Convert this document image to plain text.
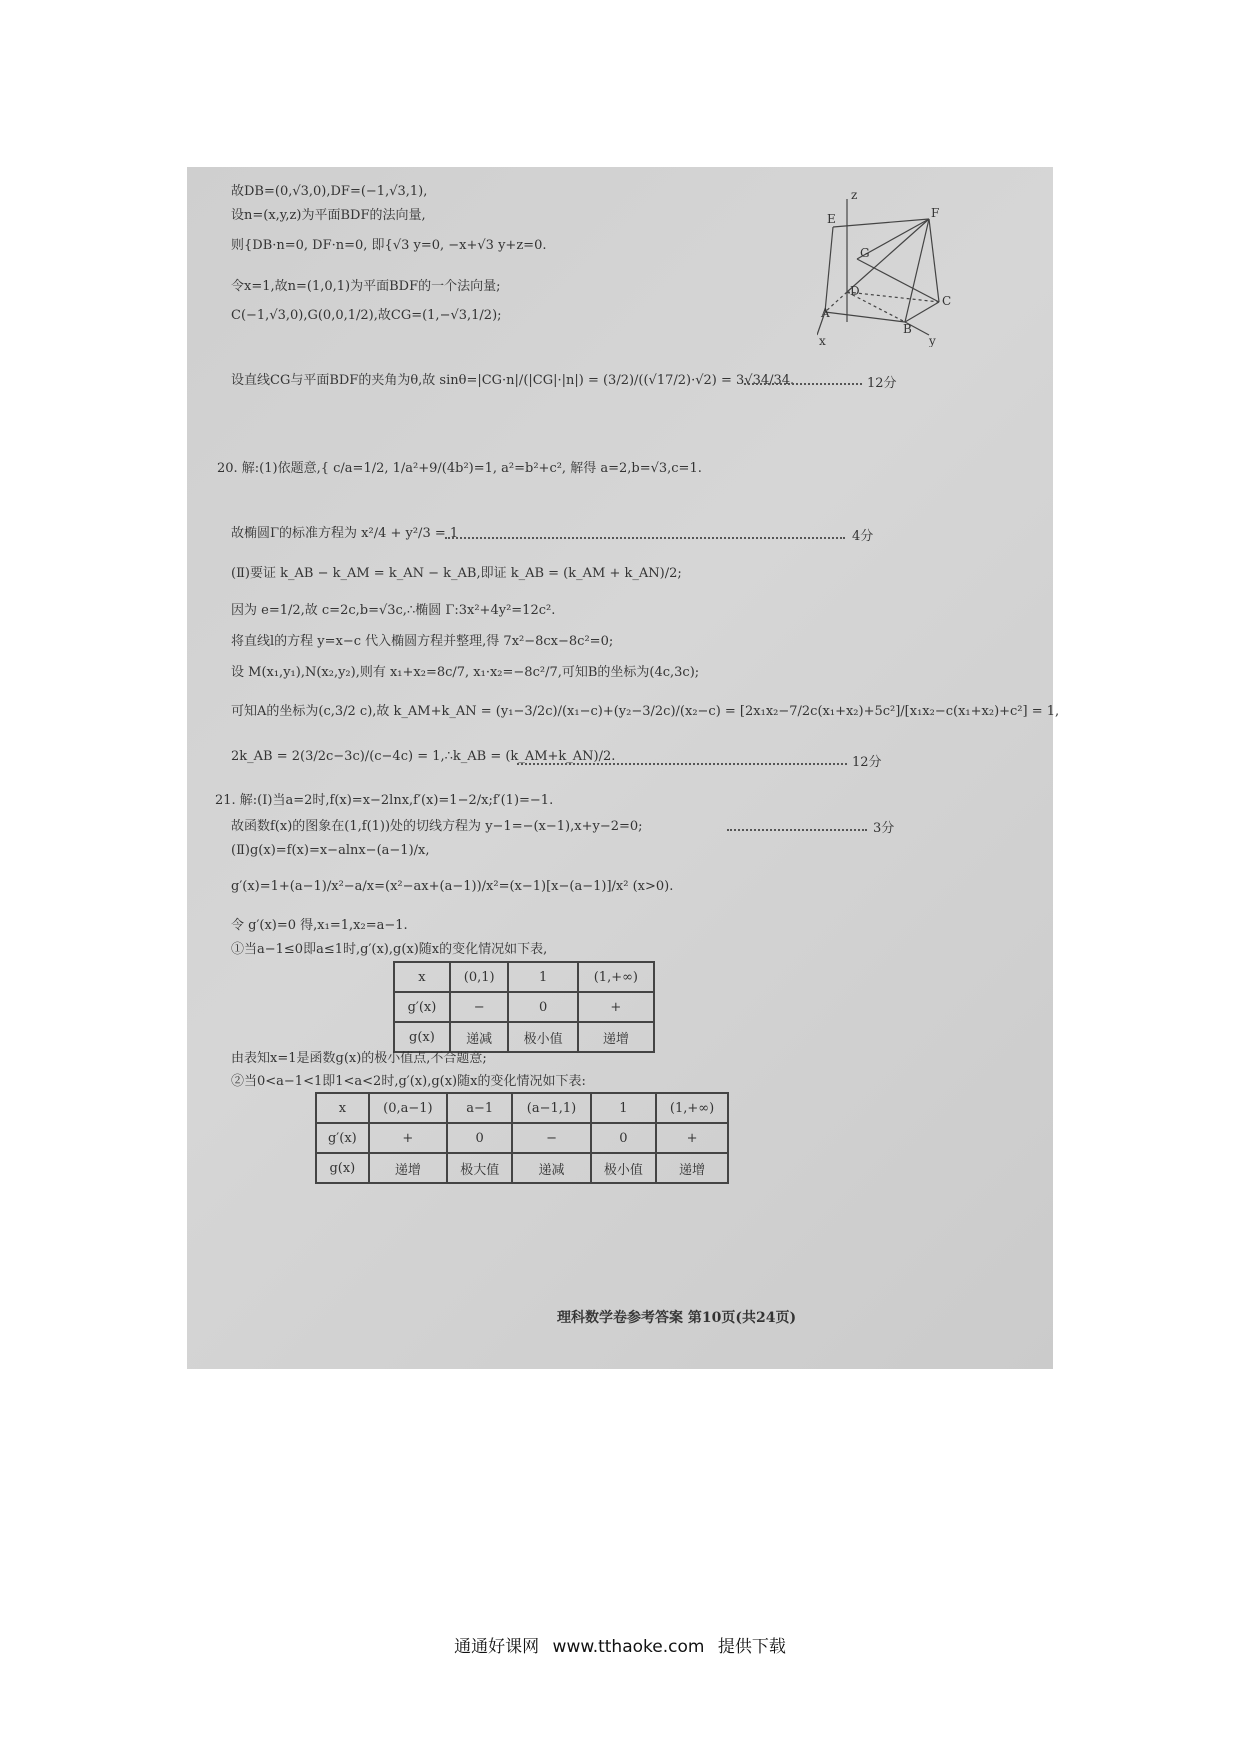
故DB=(0,√3,0),DF=(−1,√3,1),
设n=(x,y,z)为平面BDF的法向量,
则{DB·n=0, DF·n=0, 即{√3 y=0, −x+√3 y+z=0.
令x=1,故n=(1,0,1)为平面BDF的一个法向量;
C(−1,√3,0),G(0,0,1/2),故CG=(1,−√3,1/2);
E	F
G
D
C
A
B
z
x	y
设直线CG与平面BDF的夹角为θ,故 sinθ=|CG·n|/(|CG|·|n|) = (3/2)/((√17/2)·√2) = 3√34/34.	12分
20. 解:(1)依题意,{ c/a=1/2, 1/a²+9/(4b²)=1, a²=b²+c², 解得 a=2,b=√3,c=1.
故椭圆Γ的标准方程为 x²/4 + y²/3 = 1	4分
(Ⅱ)要证 k_AB − k_AM = k_AN − k_AB,即证 k_AB = (k_AM + k_AN)/2;
因为 e=1/2,故 c=2c,b=√3c,∴椭圆 Γ:3x²+4y²=12c².
将直线l的方程 y=x−c 代入椭圆方程并整理,得 7x²−8cx−8c²=0;
设 M(x₁,y₁),N(x₂,y₂),则有 x₁+x₂=8c/7, x₁·x₂=−8c²/7,可知B的坐标为(4c,3c);
可知A的坐标为(c,3/2 c),故 k_AM+k_AN = (y₁−3/2c)/(x₁−c)+(y₂−3/2c)/(x₂−c) = [2x₁x₂−7/2c(x₁+x₂)+5c²]/[x₁x₂−c(x₁+x₂)+c²] = 1,
2k_AB = 2(3/2c−3c)/(c−4c) = 1,∴k_AB = (k_AM+k_AN)/2.	12分
21. 解:(Ⅰ)当a=2时,f(x)=x−2lnx,f′(x)=1−2/x;f′(1)=−1.
故函数f(x)的图象在(1,f(1))处的切线方程为 y−1=−(x−1),x+y−2=0;	3分
(Ⅱ)g(x)=f(x)=x−alnx−(a−1)/x,
g′(x)=1+(a−1)/x²−a/x=(x²−ax+(a−1))/x²=(x−1)[x−(a−1)]/x² (x>0).
令 g′(x)=0 得,x₁=1,x₂=a−1.
①当a−1≤0即a≤1时,g′(x),g(x)随x的变化情况如下表,
x	(0,1)	1	(1,+∞)
g′(x)	−	0	+
g(x)	递减	极小值	递增
由表知x=1是函数g(x)的极小值点,不合题意;
②当0<a−1<1即1<a<2时,g′(x),g(x)随x的变化情况如下表:
x	(0,a−1)	a−1	(a−1,1)	1	(1,+∞)
g′(x)	+	0	−	0	+
g(x)	递增	极大值	递减	极小值	递增
理科数学卷参考答案 第10页(共24页)
通通好课网 www.tthaoke.com 提供下载
